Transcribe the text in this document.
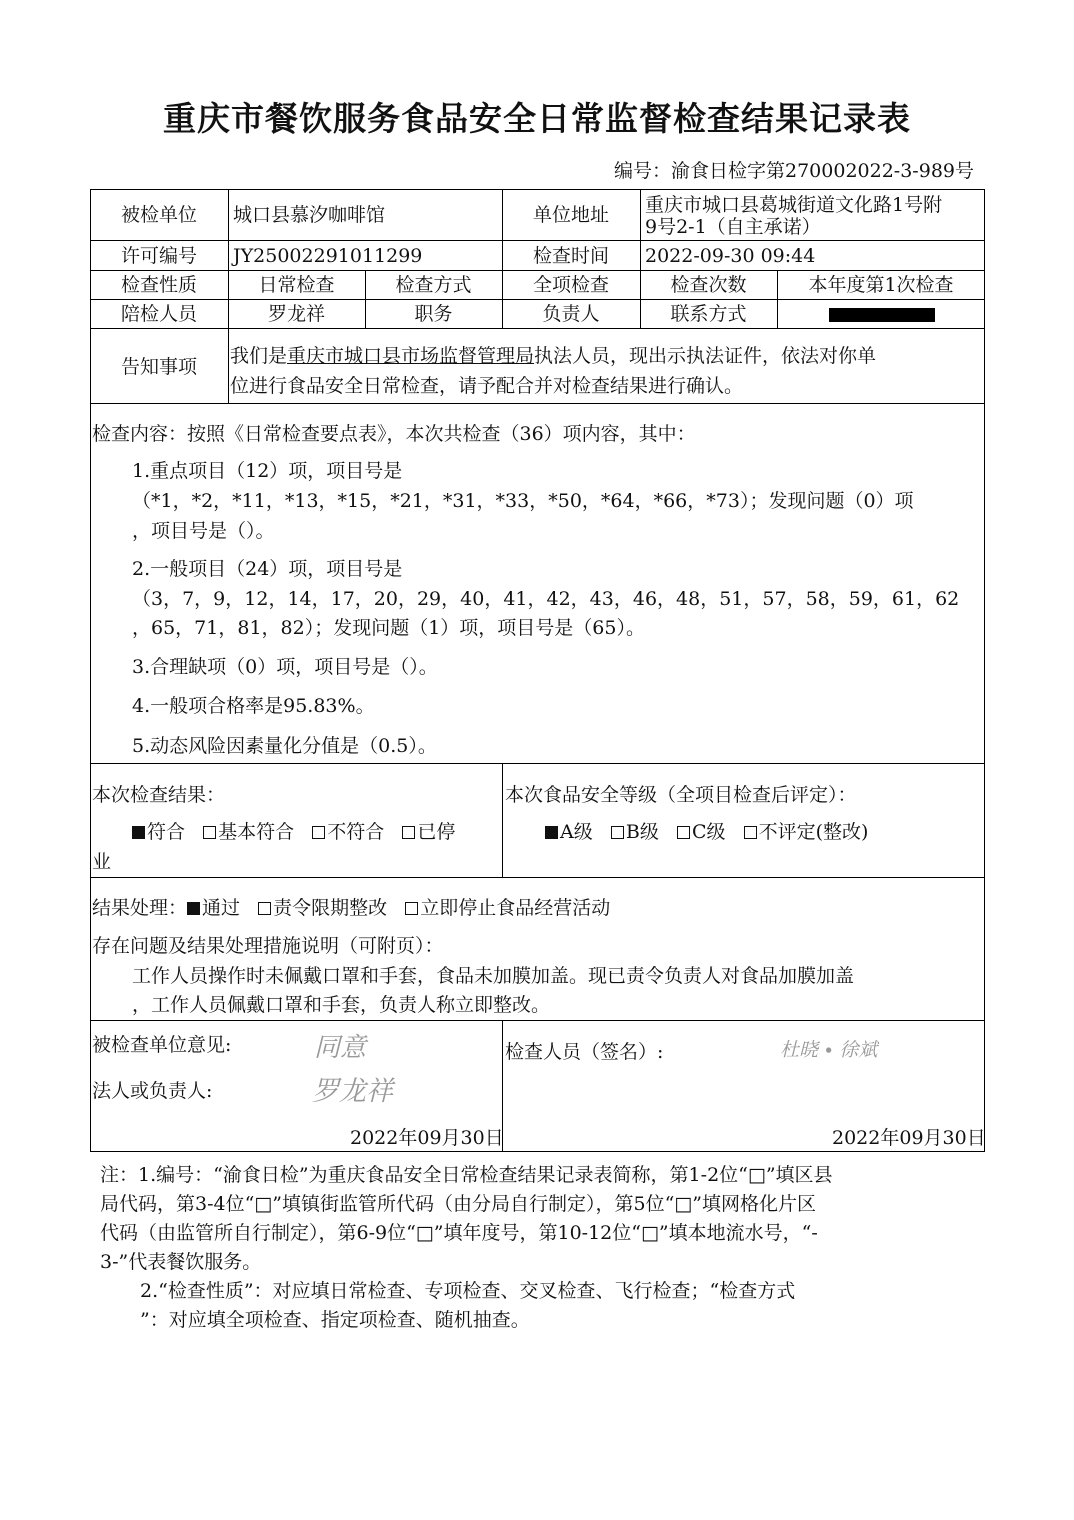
重庆市餐饮服务食品安全日常监督检查结果记录表
编号：渝食日检字第270002022-3-989号
被检单位	城口县慕汐咖啡馆	单位地址	重庆市城口县葛城街道文化路1号附
9号2-1（自主承诺）
许可编号	JY25002291011299	检查时间	2022-09-30 09:44
检查性质	日常检查	检查方式	全项检查	检查次数	本年度第1次检查
陪检人员	罗龙祥	职务	负责人	联系方式
告知事项	我们是重庆市城口县市场监督管理局执法人员，现出示执法证件，依法对你单
位进行食品安全日常检查，请予配合并对检查结果进行确认。
检查内容：按照《日常检查要点表》，本次共检查（36）项内容，其中：
1.重点项目（12）项，项目号是
（*1，*2，*11，*13，*15，*21，*31，*33，*50，*64，*66，*73）；发现问题（0）项
，项目号是（）。
2.一般项目（24）项，项目号是
（3，7，9，12，14，17，20，29，40，41，42，43，46，48，51，57，58，59，61，62
，65，71，81，82）；发现问题（1）项，项目号是（65）。
3.合理缺项（0）项，项目号是（）。
4.一般项合格率是95.83%。
5.动态风险因素量化分值是（0.5）。
本次检查结果：
符合 基本符合 不符合 已停
业
本次食品安全等级（全项目检查后评定）：
A级 B级 C级 不评定(整改)
结果处理： 通过 责令限期整改 立即停止食品经营活动
存在问题及结果处理措施说明（可附页）：
工作人员操作时未佩戴口罩和手套，食品未加膜加盖。现已责令负责人对食品加膜加盖
，工作人员佩戴口罩和手套，负责人称立即整改。
被检查单位意见:	同意
法人或负责人:	罗龙祥
2022年09月30日
检查人员（签名）:	杜晓 ∙ 徐斌
2022年09月30日
注：1.编号：“渝食日检”为重庆食品安全日常检查结果记录表简称，第1-2位“□”填区县
局代码，第3-4位“□”填镇街监管所代码（由分局自行制定），第5位“□”填网格化片区
代码（由监管所自行制定），第6-9位“□”填年度号，第10-12位“□”填本地流水号，“-
3-”代表餐饮服务。
2.“检查性质”：对应填日常检查、专项检查、交叉检查、飞行检查；“检查方式
”：对应填全项检查、指定项检查、随机抽查。
